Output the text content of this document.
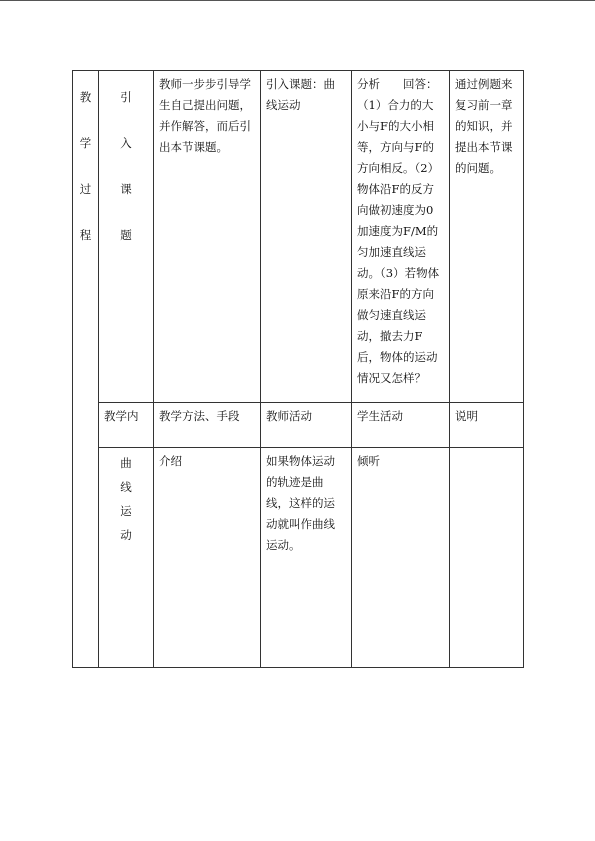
教学过程	引入课题	教师一步步引导学生自己提出问题，并作解答，而后引出本节课题。	引入课题：曲线运动	分析　　回答：（1）合力的大小与F的大小相等，方向与F的方向相反。（2）物体沿F的反方向做初速度为0加速度为F/M的匀加速直线运动。（3）若物体原来沿F的方向做匀速直线运动，撤去力F后，物体的运动情况又怎样？	通过例题来复习前一章的知识，并提出本节课的问题。

	教学内	教学方法、手段	教师活动	学生活动	说明
	曲线运动	介绍	如果物体运动的轨迹是曲线，这样的运动就叫作曲线运动。	倾听	
